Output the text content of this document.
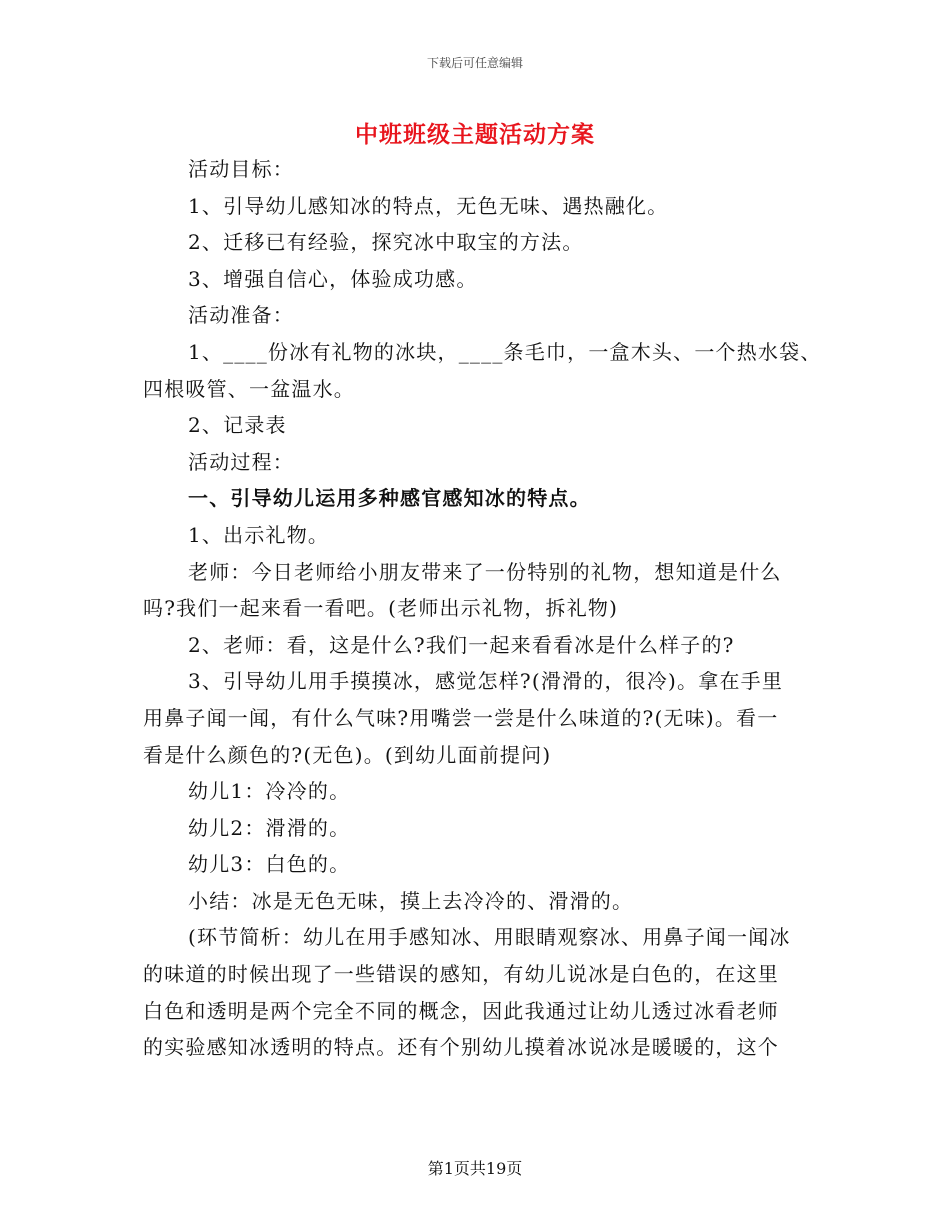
下载后可任意编辑
中班班级主题活动方案

活动目标：

1、引导幼儿感知冰的特点，无色无味、遇热融化。

2、迁移已有经验，探究冰中取宝的方法。

3、增强自信心，体验成功感。

活动准备：

1、____份冰有礼物的冰块，____条毛巾，一盒木头、一个热水袋、

四根吸管、一盆温水。

2、记录表

活动过程：

一、引导幼儿运用多种感官感知冰的特点。

1、出示礼物。

老师：今日老师给小朋友带来了一份特别的礼物，想知道是什么

吗?我们一起来看一看吧。(老师出示礼物，拆礼物)

2、老师：看，这是什么?我们一起来看看冰是什么样子的?

3、引导幼儿用手摸摸冰，感觉怎样?(滑滑的，很冷)。拿在手里

用鼻子闻一闻，有什么气味?用嘴尝一尝是什么味道的?(无味)。看一

看是什么颜色的?(无色)。(到幼儿面前提问)

幼儿1：冷冷的。

幼儿2：滑滑的。

幼儿3：白色的。

小结：冰是无色无味，摸上去冷冷的、滑滑的。

(环节简析：幼儿在用手感知冰、用眼睛观察冰、用鼻子闻一闻冰

的味道的时候出现了一些错误的感知，有幼儿说冰是白色的，在这里

白色和透明是两个完全不同的概念，因此我通过让幼儿透过冰看老师

的实验感知冰透明的特点。还有个别幼儿摸着冰说冰是暖暖的，这个

第1页共19页
